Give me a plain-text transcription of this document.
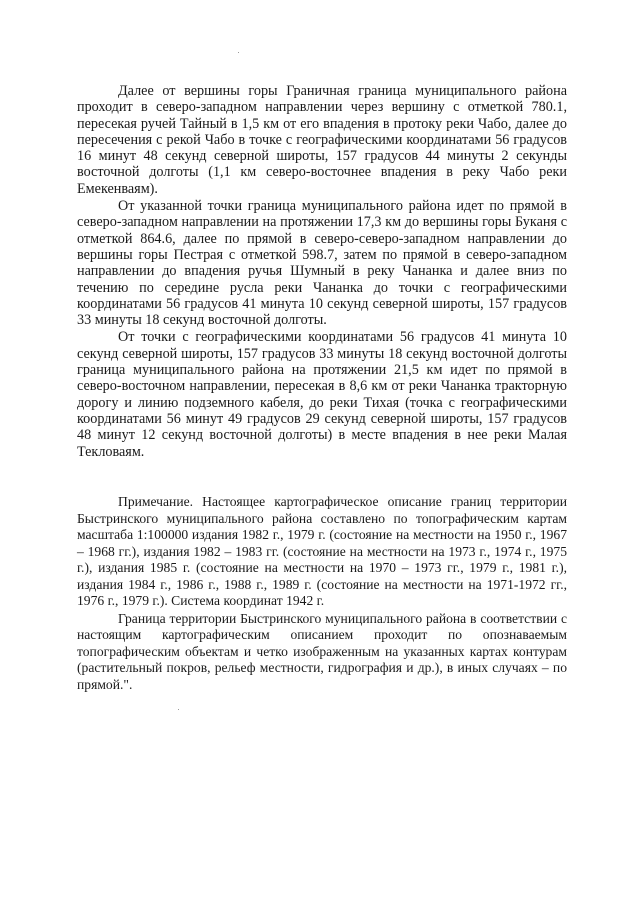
Далее от вершины горы Граничная граница муниципального района проходит в северо-западном направлении через вершину с отметкой 780.1, пересекая ручей Тайный в 1,5 км от его впадения в протоку реки Чабо, далее до пересечения с рекой Чабо в точке с географическими координатами 56 градусов 16 минут 48 секунд северной широты, 157 градусов 44 минуты 2 секунды восточной долготы (1,1 км северо-восточнее впадения в реку Чабо реки Емекенваям).

От указанной точки граница муниципального района идет по прямой в северо-западном направлении на протяжении 17,3 км до вершины горы Буканя с отметкой 864.6, далее по прямой в северо-северо-западном направлении до вершины горы Пестрая с отметкой 598.7, затем по прямой в северо-западном направлении до впадения ручья Шумный в реку Чананка и далее вниз по течению по середине русла реки Чананка до точки с географическими координатами 56 градусов 41 минута 10 секунд северной широты, 157 градусов 33 минуты 18 секунд восточной долготы.

От точки с географическими координатами 56 градусов 41 минута 10 секунд северной широты, 157 градусов 33 минуты 18 секунд восточной долготы граница муниципального района на протяжении 21,5 км идет по прямой в северо-восточном направлении, пересекая в 8,6 км от реки Чананка тракторную дорогу и линию подземного кабеля, до реки Тихая (точка с географическими координатами 56 минут 49 градусов 29 секунд северной широты, 157 градусов 48 минут 12 секунд восточной долготы) в месте впадения в нее реки Малая Текловаям.

Примечание. Настоящее картографическое описание границ территории Быстринского муниципального района составлено по топографическим картам масштаба 1:100000 издания 1982 г., 1979 г. (состояние на местности на 1950 г., 1967 – 1968 гг.), издания 1982 – 1983 гг. (состояние на местности на 1973 г., 1974 г., 1975 г.), издания 1985 г. (состояние на местности на 1970 – 1973 гг., 1979 г., 1981 г.), издания 1984 г., 1986 г., 1988 г., 1989 г. (состояние на местности на 1971-1972 гг., 1976 г., 1979 г.). Система координат 1942 г.

Граница территории Быстринского муниципального района в соответствии с настоящим картографическим описанием проходит по опознаваемым топографическим объектам и четко изображенным на указанных картах контурам (растительный покров, рельеф местности, гидрография и др.), в иных случаях – по прямой.".
